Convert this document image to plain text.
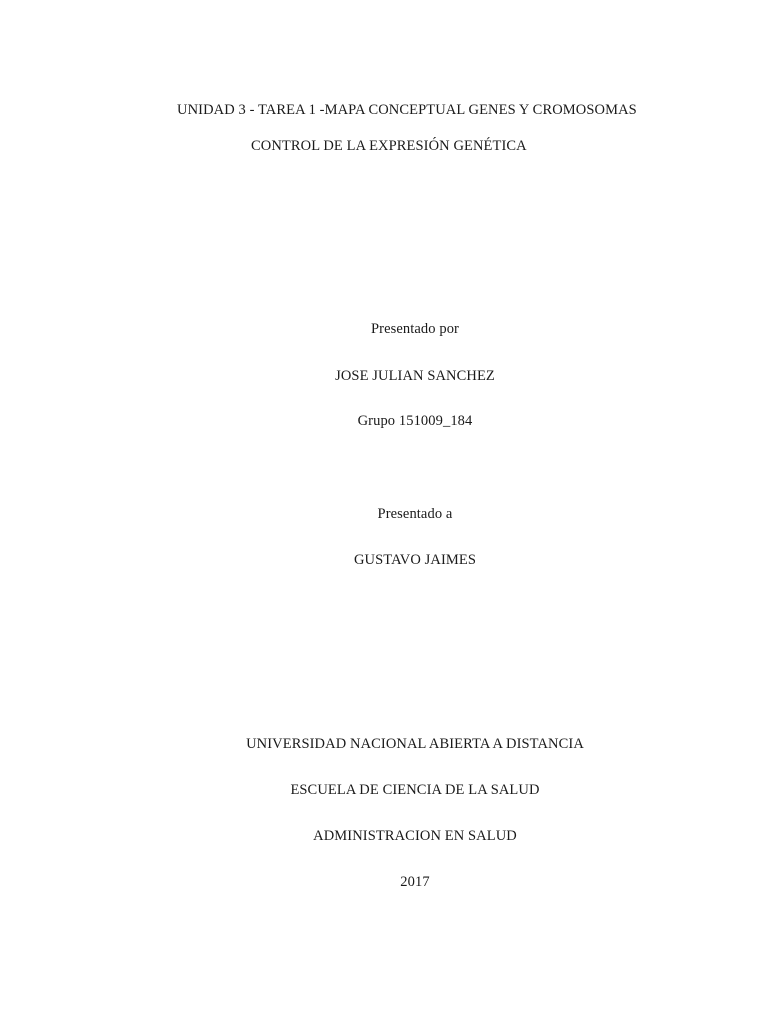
UNIDAD 3 - TAREA 1 -MAPA CONCEPTUAL GENES Y CROMOSOMAS
CONTROL DE LA EXPRESIÓN GENÉTICA
Presentado por
JOSE JULIAN SANCHEZ
Grupo 151009_184
Presentado a
GUSTAVO JAIMES
UNIVERSIDAD NACIONAL ABIERTA A DISTANCIA
ESCUELA DE CIENCIA DE LA SALUD
ADMINISTRACION EN SALUD
2017
